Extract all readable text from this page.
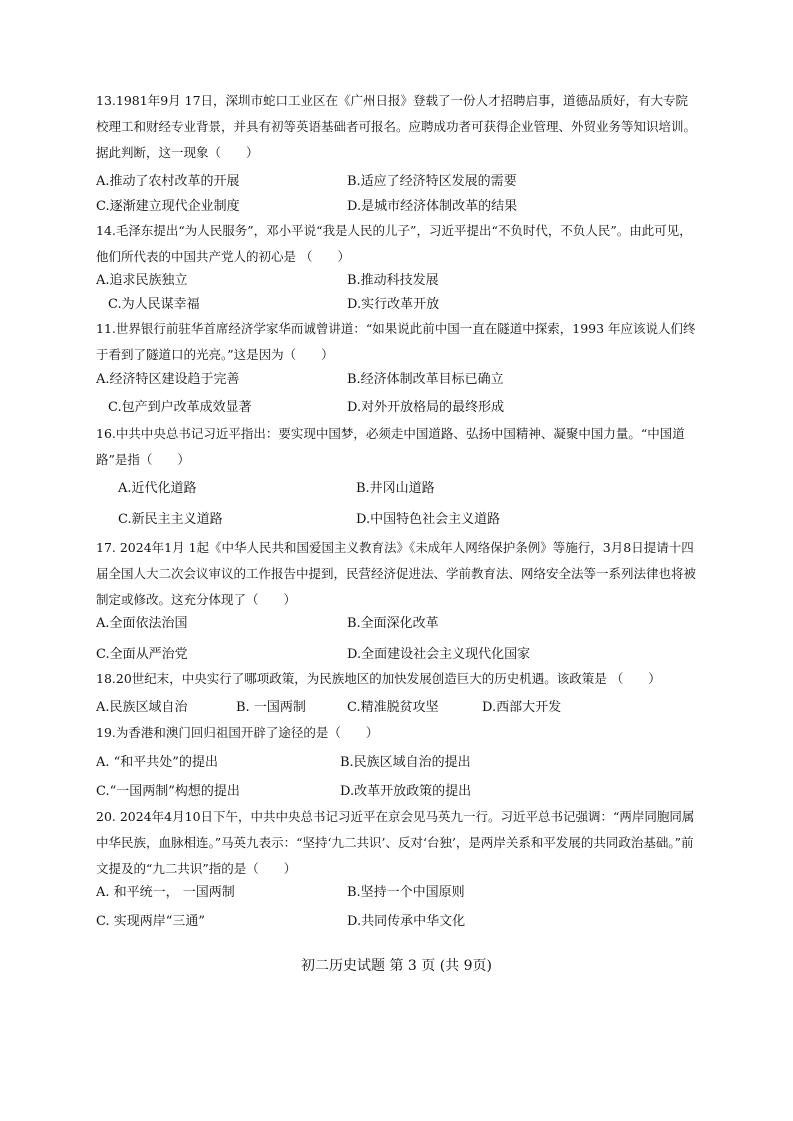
13.1981年9月 17日，深圳市蛇口工业区在《广州日报》登载了一份人才招聘启事，道德品质好，有大专院校理工和财经专业背景，并具有初等英语基础者可报名。应聘成功者可获得企业管理、外贸业务等知识培训。据此判断，这一现象（　　）
A.推动了农村改革的开展	B.适应了经济特区发展的需要
C.逐渐建立现代企业制度	D.是城市经济体制改革的结果
14.毛泽东提出“为人民服务”，邓小平说“我是人民的儿子”，习近平提出“不负时代，不负人民”。由此可见，他们所代表的中国共产党人的初心是 （　　）
A.追求民族独立	B.推动科技发展
C.为人民谋幸福	D.实行改革开放
11.世界银行前驻华首席经济学家华而诚曾讲道：“如果说此前中国一直在隧道中探索，1993 年应该说人们终于看到了隧道口的光亮。”这是因为（　　）
A.经济特区建设趋于完善	B.经济体制改革目标已确立
C.包产到户改革成效显著	D.对外开放格局的最终形成
16.中共中央总书记习近平指出：要实现中国梦，必须走中国道路、弘扬中国精神、凝聚中国力量。“中国道路”是指（　　）
A.近代化道路	B.井冈山道路
C.新民主主义道路	D.中国特色社会主义道路
17. 2024年1月 1起《中华人民共和国爱国主义教育法》《未成年人网络保护条例》等施行，3月8日提请十四届全国人大二次会议审议的工作报告中提到，民营经济促进法、学前教育法、网络安全法等一系列法律也将被制定或修改。这充分体现了（　　）
A.全面依法治国	B.全面深化改革
C.全面从严治党	D.全面建设社会主义现代化国家
18.20世纪末，中央实行了哪项政策，为民族地区的加快发展创造巨大的历史机遇。该政策是 （　　）
A.民族区域自治	B. 一国两制	C.精准脱贫攻坚	D.西部大开发
19.为香港和澳门回归祖国开辟了途径的是（　　）
A. “和平共处”的提出	B.民族区域自治的提出
C.“一国两制”构想的提出	D.改革开放政策的提出
20. 2024年4月10日下午，中共中央总书记习近平在京会见马英九一行。习近平总书记强调：“两岸同胞同属中华民族，血脉相连。”马英九表示：“坚持‘九二共识’、反对‘台独’，是两岸关系和平发展的共同政治基础。”前文提及的“九二共识”指的是（　　）
A. 和平统一， 一国两制	B.坚持一个中国原则
C. 实现两岸“三通”	D.共同传承中华文化
初二历史试题 第 3 页 (共 9页)
